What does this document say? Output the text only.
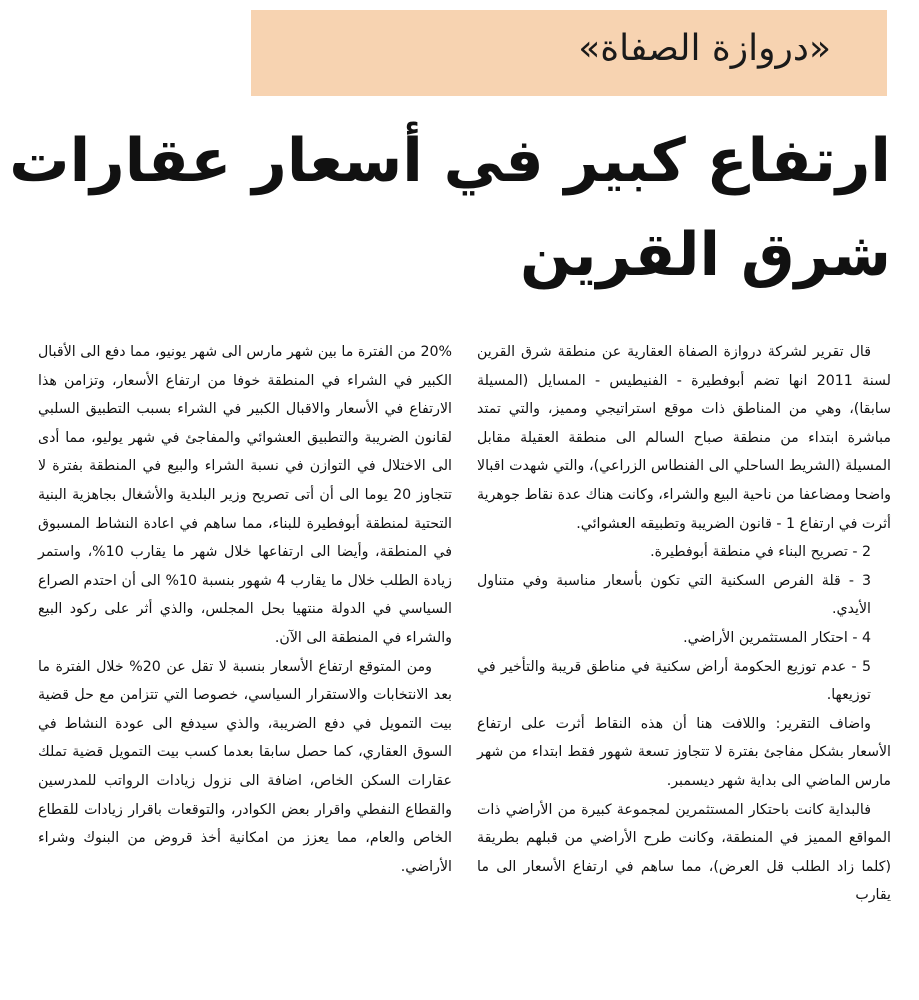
«دروازة الصفاة»
ارتفاع كبير في أسعار عقارات
شرق القرين

قال تقرير لشركة دروازة الصفاة العقارية عن منطقة شرق القرين لسنة 2011 انها تضم أبوفطيرة - الفنيطيس - المسايل (المسيلة سابقا)، وهي من المناطق ذات موقع استراتيجي ومميز، والتي تمتد مباشرة ابتداء من منطقة صباح السالم الى منطقة العقيلة مقابل المسيلة (الشريط الساحلي الى الفنطاس الزراعي)، والتي شهدت اقبالا واضحا ومضاعفا من ناحية البيع والشراء، وكانت هناك عدة نقاط جوهرية أثرت في ارتفاع 1 - قانون الضريبة وتطبيقه العشوائي.

2 - تصريح البناء في منطقة أبوفطيرة.

3 - قلة الفرص السكنية التي تكون بأسعار مناسبة وفي متناول الأيدي.

4 - احتكار المستثمرين الأراضي.

5 - عدم توزيع الحكومة أراض سكنية في مناطق قريبة والتأخير في توزيعها.

واضاف التقرير: واللافت هنا أن هذه النقاط أثرت على ارتفاع الأسعار بشكل مفاجئ بفترة لا تتجاوز تسعة شهور فقط ابتداء من شهر مارس الماضي الى بداية شهر ديسمبر.

فالبداية كانت باحتكار المستثمرين لمجموعة كبيرة من الأراضي ذات المواقع المميز في المنطقة، وكانت طرح الأراضي من قبلهم بطريقة (كلما زاد الطلب قل العرض)، مما ساهم في ارتفاع الأسعار الى ما يقارب

20% من الفترة ما بين شهر مارس الى شهر يونيو، مما دفع الى الأقبال الكبير في الشراء في المنطقة خوفا من ارتفاع الأسعار، وتزامن هذا الارتفاع في الأسعار والاقبال الكبير في الشراء بسبب التطبيق السلبي لقانون الضريبة والتطبيق العشوائي والمفاجئ في شهر يوليو، مما أدى الى الاختلال في التوازن في نسبة الشراء والبيع في المنطقة بفترة لا تتجاوز 20 يوما الى أن أتى تصريح وزير البلدية والأشغال بجاهزية البنية التحتية لمنطقة أبوفطيرة للبناء، مما ساهم في اعادة النشاط المسبوق في المنطقة، وأيضا الى ارتفاعها خلال شهر ما يقارب 10%، واستمر زيادة الطلب خلال ما يقارب 4 شهور بنسبة 10% الى أن احتدم الصراع السياسي في الدولة منتهيا بحل المجلس، والذي أثر على ركود البيع والشراء في المنطقة الى الآن.

ومن المتوقع ارتفاع الأسعار بنسبة لا تقل عن 20% خلال الفترة ما بعد الانتخابات والاستقرار السياسي، خصوصا التي تتزامن مع حل قضية بيت التمويل في دفع الضريبة، والذي سيدفع الى عودة النشاط في السوق العقاري، كما حصل سابقا بعدما كسب بيت التمويل قضية تملك عقارات السكن الخاص، اضافة الى نزول زيادات الرواتب للمدرسين والقطاع النفطي واقرار بعض الكوادر، والتوقعات باقرار زيادات للقطاع الخاص والعام، مما يعزز من امكانية أخذ قروض من البنوك وشراء الأراضي.
